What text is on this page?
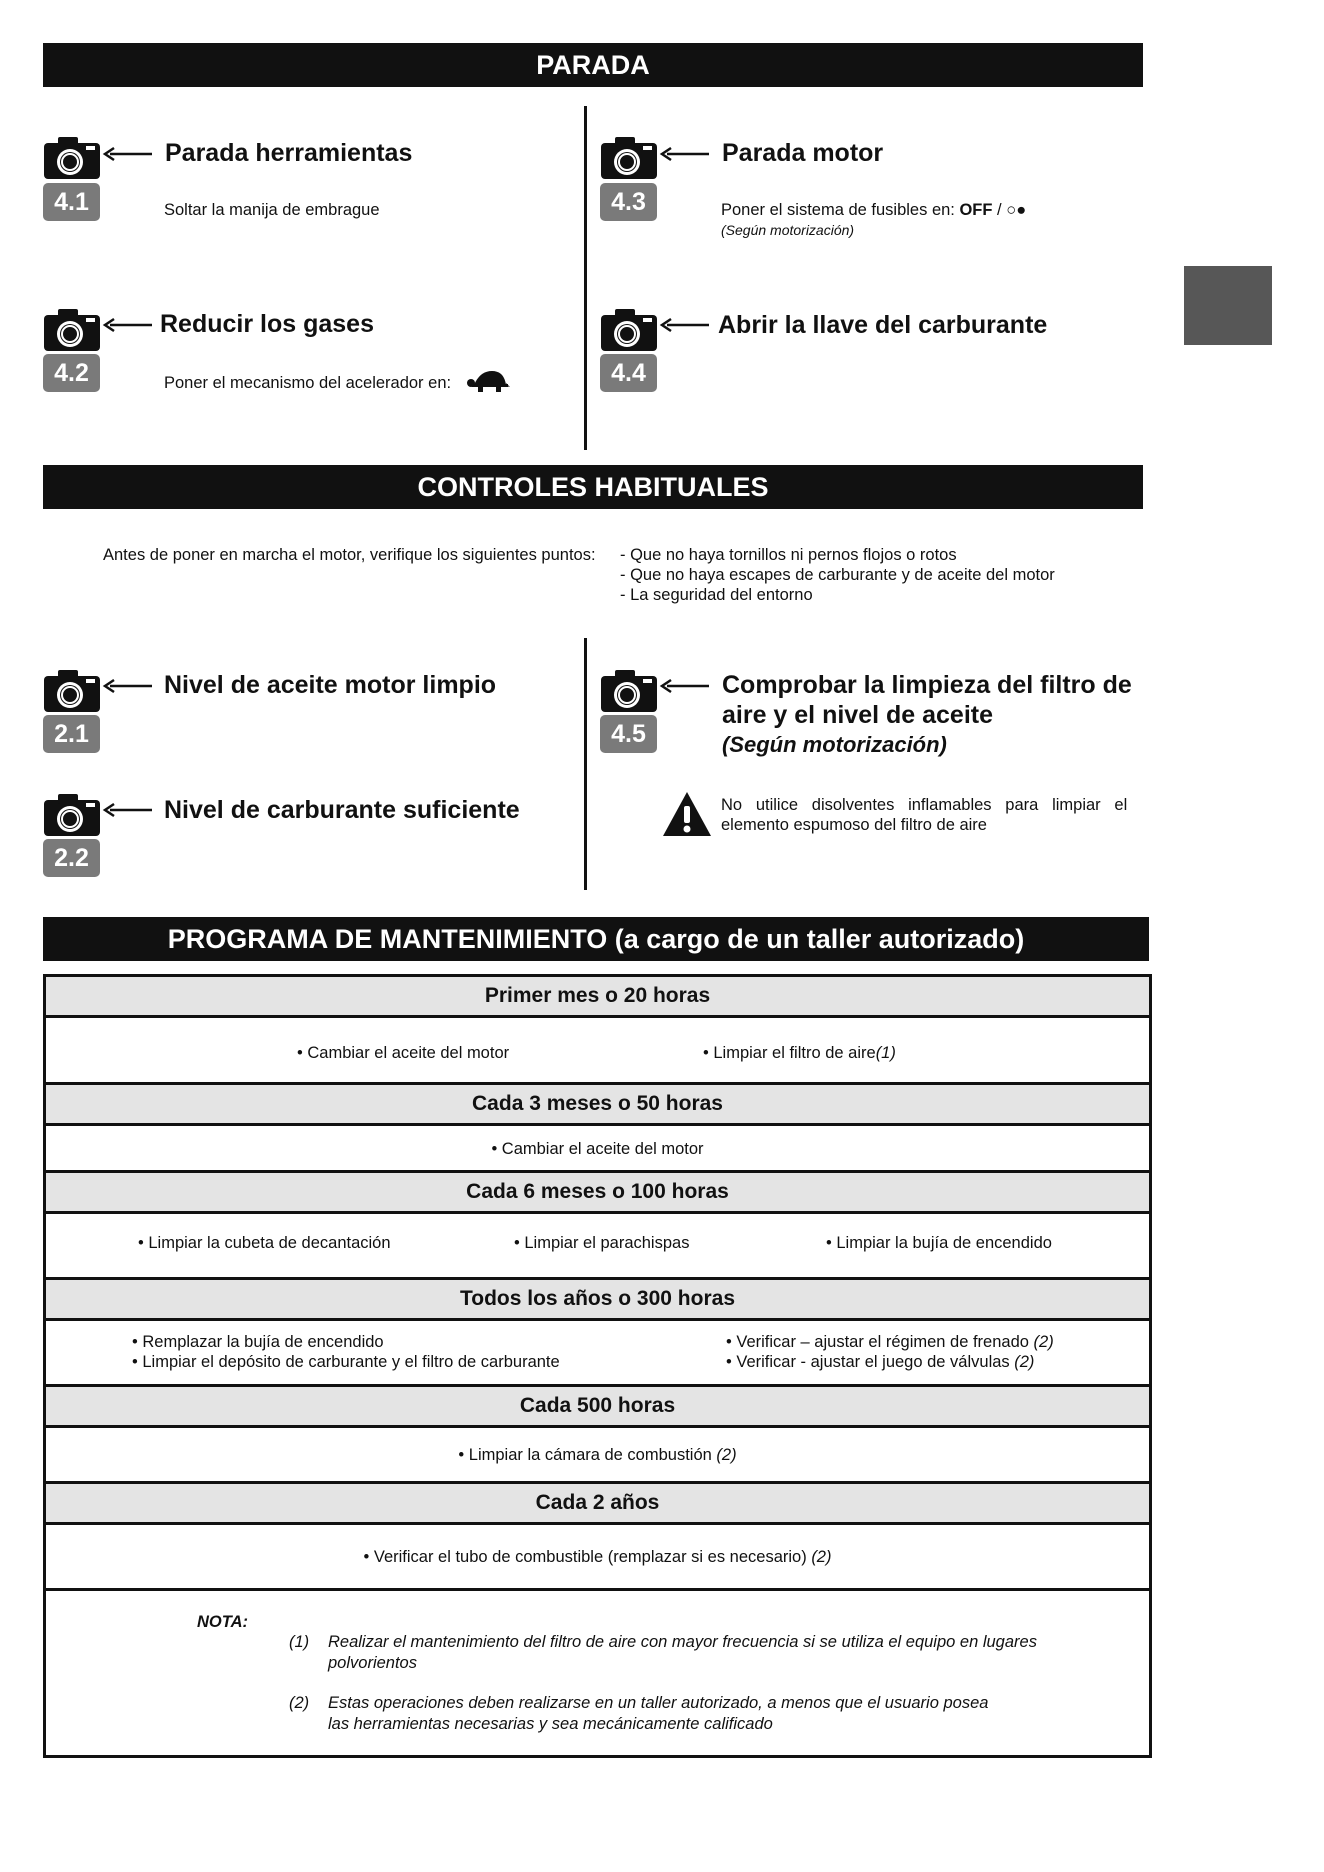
PARADA
4.1
Parada herramientas
Soltar la manija de embrague
4.2
Reducir los gases
Poner el mecanismo del acelerador en:
4.3
Parada motor
Poner el sistema de fusibles en: OFF / ○●
(Según motorización)
4.4
Abrir la llave del carburante
CONTROLES HABITUALES
Antes de poner en marcha el motor, verifique los siguientes puntos: - Que no haya tornillos ni pernos flojos o rotos
- Que no haya escapes de carburante y de aceite del motor
- La seguridad del entorno
2.1
Nivel de aceite motor limpio
2.2
Nivel de carburante suficiente
4.5
Comprobar la limpieza del filtro de
aire y el nivel de aceite
(Según motorización)
No   utilice   disolventes   inflamables   para   limpiar   el
elemento espumoso del filtro de aire
PROGRAMA DE MANTENIMIENTO (a cargo de un taller autorizado)
Primer mes o 20 horas
• Cambiar el aceite del motor	• Limpiar el filtro de aire(1)
Cada 3 meses o 50 horas
• Cambiar el aceite del motor
Cada 6 meses o 100 horas
• Limpiar la cubeta de decantación	• Limpiar el parachispas	• Limpiar la bujía de encendido
Todos los años o 300 horas
• Remplazar la bujía de encendido
• Limpiar el depósito de carburante y el filtro de carburante
• Verificar – ajustar el régimen de frenado (2)
• Verificar - ajustar el juego de válvulas (2)
Cada 500 horas
• Limpiar la cámara de combustión (2)
Cada 2 años
• Verificar el tubo de combustible (remplazar si es necesario) (2)
NOTA:
(1) Realizar el mantenimiento del filtro de aire con mayor frecuencia si se utiliza el equipo en lugares
polvorientos
(2) Estas operaciones deben realizarse en un taller autorizado, a menos que el usuario posea
las herramientas necesarias y sea mecánicamente calificado
